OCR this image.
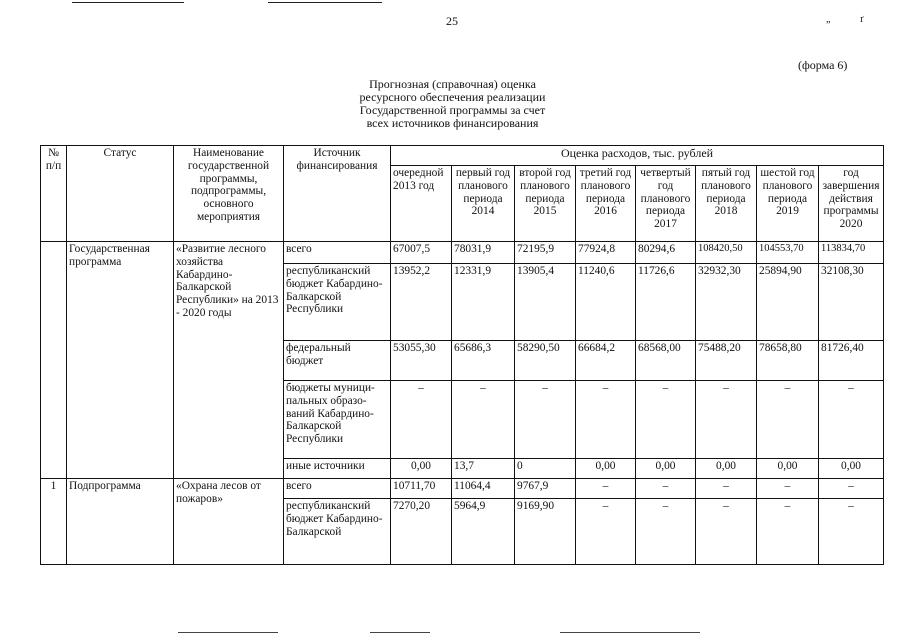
„	ґ
25
(форма 6)
Прогнозная (справочная) оценка
ресурсного обеспечения реализации
Государственной программы за счет
всех источников финансирования
№ п/п	Статус	Наименование государственной программы, подпрограммы, основного мероприятия	Источник финансирования	Оценка расходов, тыс. рублей							
				очередной 2013 год	первый год планового периода 2014	второй год планового периода 2015	третий год планового периода 2016	четвертый год планового периода 2017	пятый год планового периода 2018	шестой год планового периода 2019	год завершения действия программы 2020
	Государственная программа	«Развитие лесного хозяйства Кабардино-Балкарской Республики» на 2013 - 2020 годы	всего	67007,5	78031,9	72195,9	77924,8	80294,6	108420,50	104553,70	113834,70
			республиканский бюджет Кабардино-Балкарской Республики	13952,2	12331,9	13905,4	11240,6	11726,6	32932,30	25894,90	32108,30
			федеральный бюджет	53055,30	65686,3	58290,50	66684,2	68568,00	75488,20	78658,80	81726,40
			бюджеты муници-пальных образо-ваний Кабардино-Балкарской Республики	–	–	–	–	–	–	–	–
			иные источники	0,00	13,7	0	0,00	0,00	0,00	0,00	0,00
1	Подпрограмма	«Охрана лесов от пожаров»	всего	10711,70	11064,4	9767,9	–	–	–	–	–
			республиканский бюджет Кабардино-Балкарской	7270,20	5964,9	9169,90	–	–	–	–	–
